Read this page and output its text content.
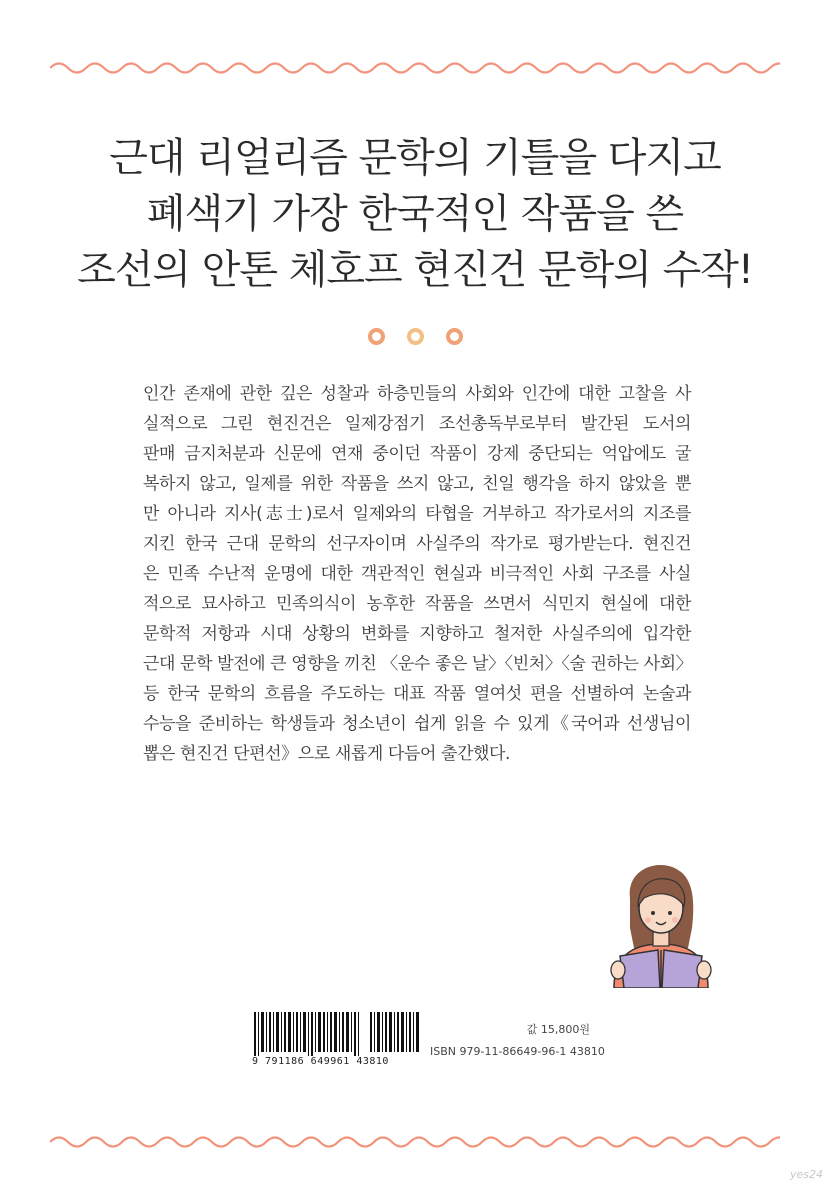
근대 리얼리즘 문학의 기틀을 다지고
폐색기 가장 한국적인 작품을 쓴
조선의 안톤 체호프 현진건 문학의 수작!
인간 존재에 관한 깊은 성찰과 하층민들의 사회와 인간에 대한 고찰을 사
실적으로 그린 현진건은 일제강점기 조선총독부로부터 발간된 도서의
판매 금지처분과 신문에 연재 중이던 작품이 강제 중단되는 억압에도 굴
복하지 않고, 일제를 위한 작품을 쓰지 않고, 친일 행각을 하지 않았을 뿐
만 아니라 지사(志士)로서 일제와의 타협을 거부하고 작가로서의 지조를
지킨 한국 근대 문학의 선구자이며 사실주의 작가로 평가받는다. 현진건
은 민족 수난적 운명에 대한 객관적인 현실과 비극적인 사회 구조를 사실
적으로 묘사하고 민족의식이 농후한 작품을 쓰면서 식민지 현실에 대한
문학적 저항과 시대 상황의 변화를 지향하고 철저한 사실주의에 입각한
근대 문학 발전에 큰 영향을 끼친 〈운수 좋은 날〉〈빈처〉〈술 권하는 사회〉
등 한국 문학의 흐름을 주도하는 대표 작품 열여섯 편을 선별하여 논술과
수능을 준비하는 학생들과 청소년이 쉽게 읽을 수 있게《국어과 선생님이
뽑은 현진건 단편선》으로 새롭게 다듬어 출간했다.
9 791186 649961 43810
값 15,800원
ISBN 979-11-86649-96-1 43810
yes24
